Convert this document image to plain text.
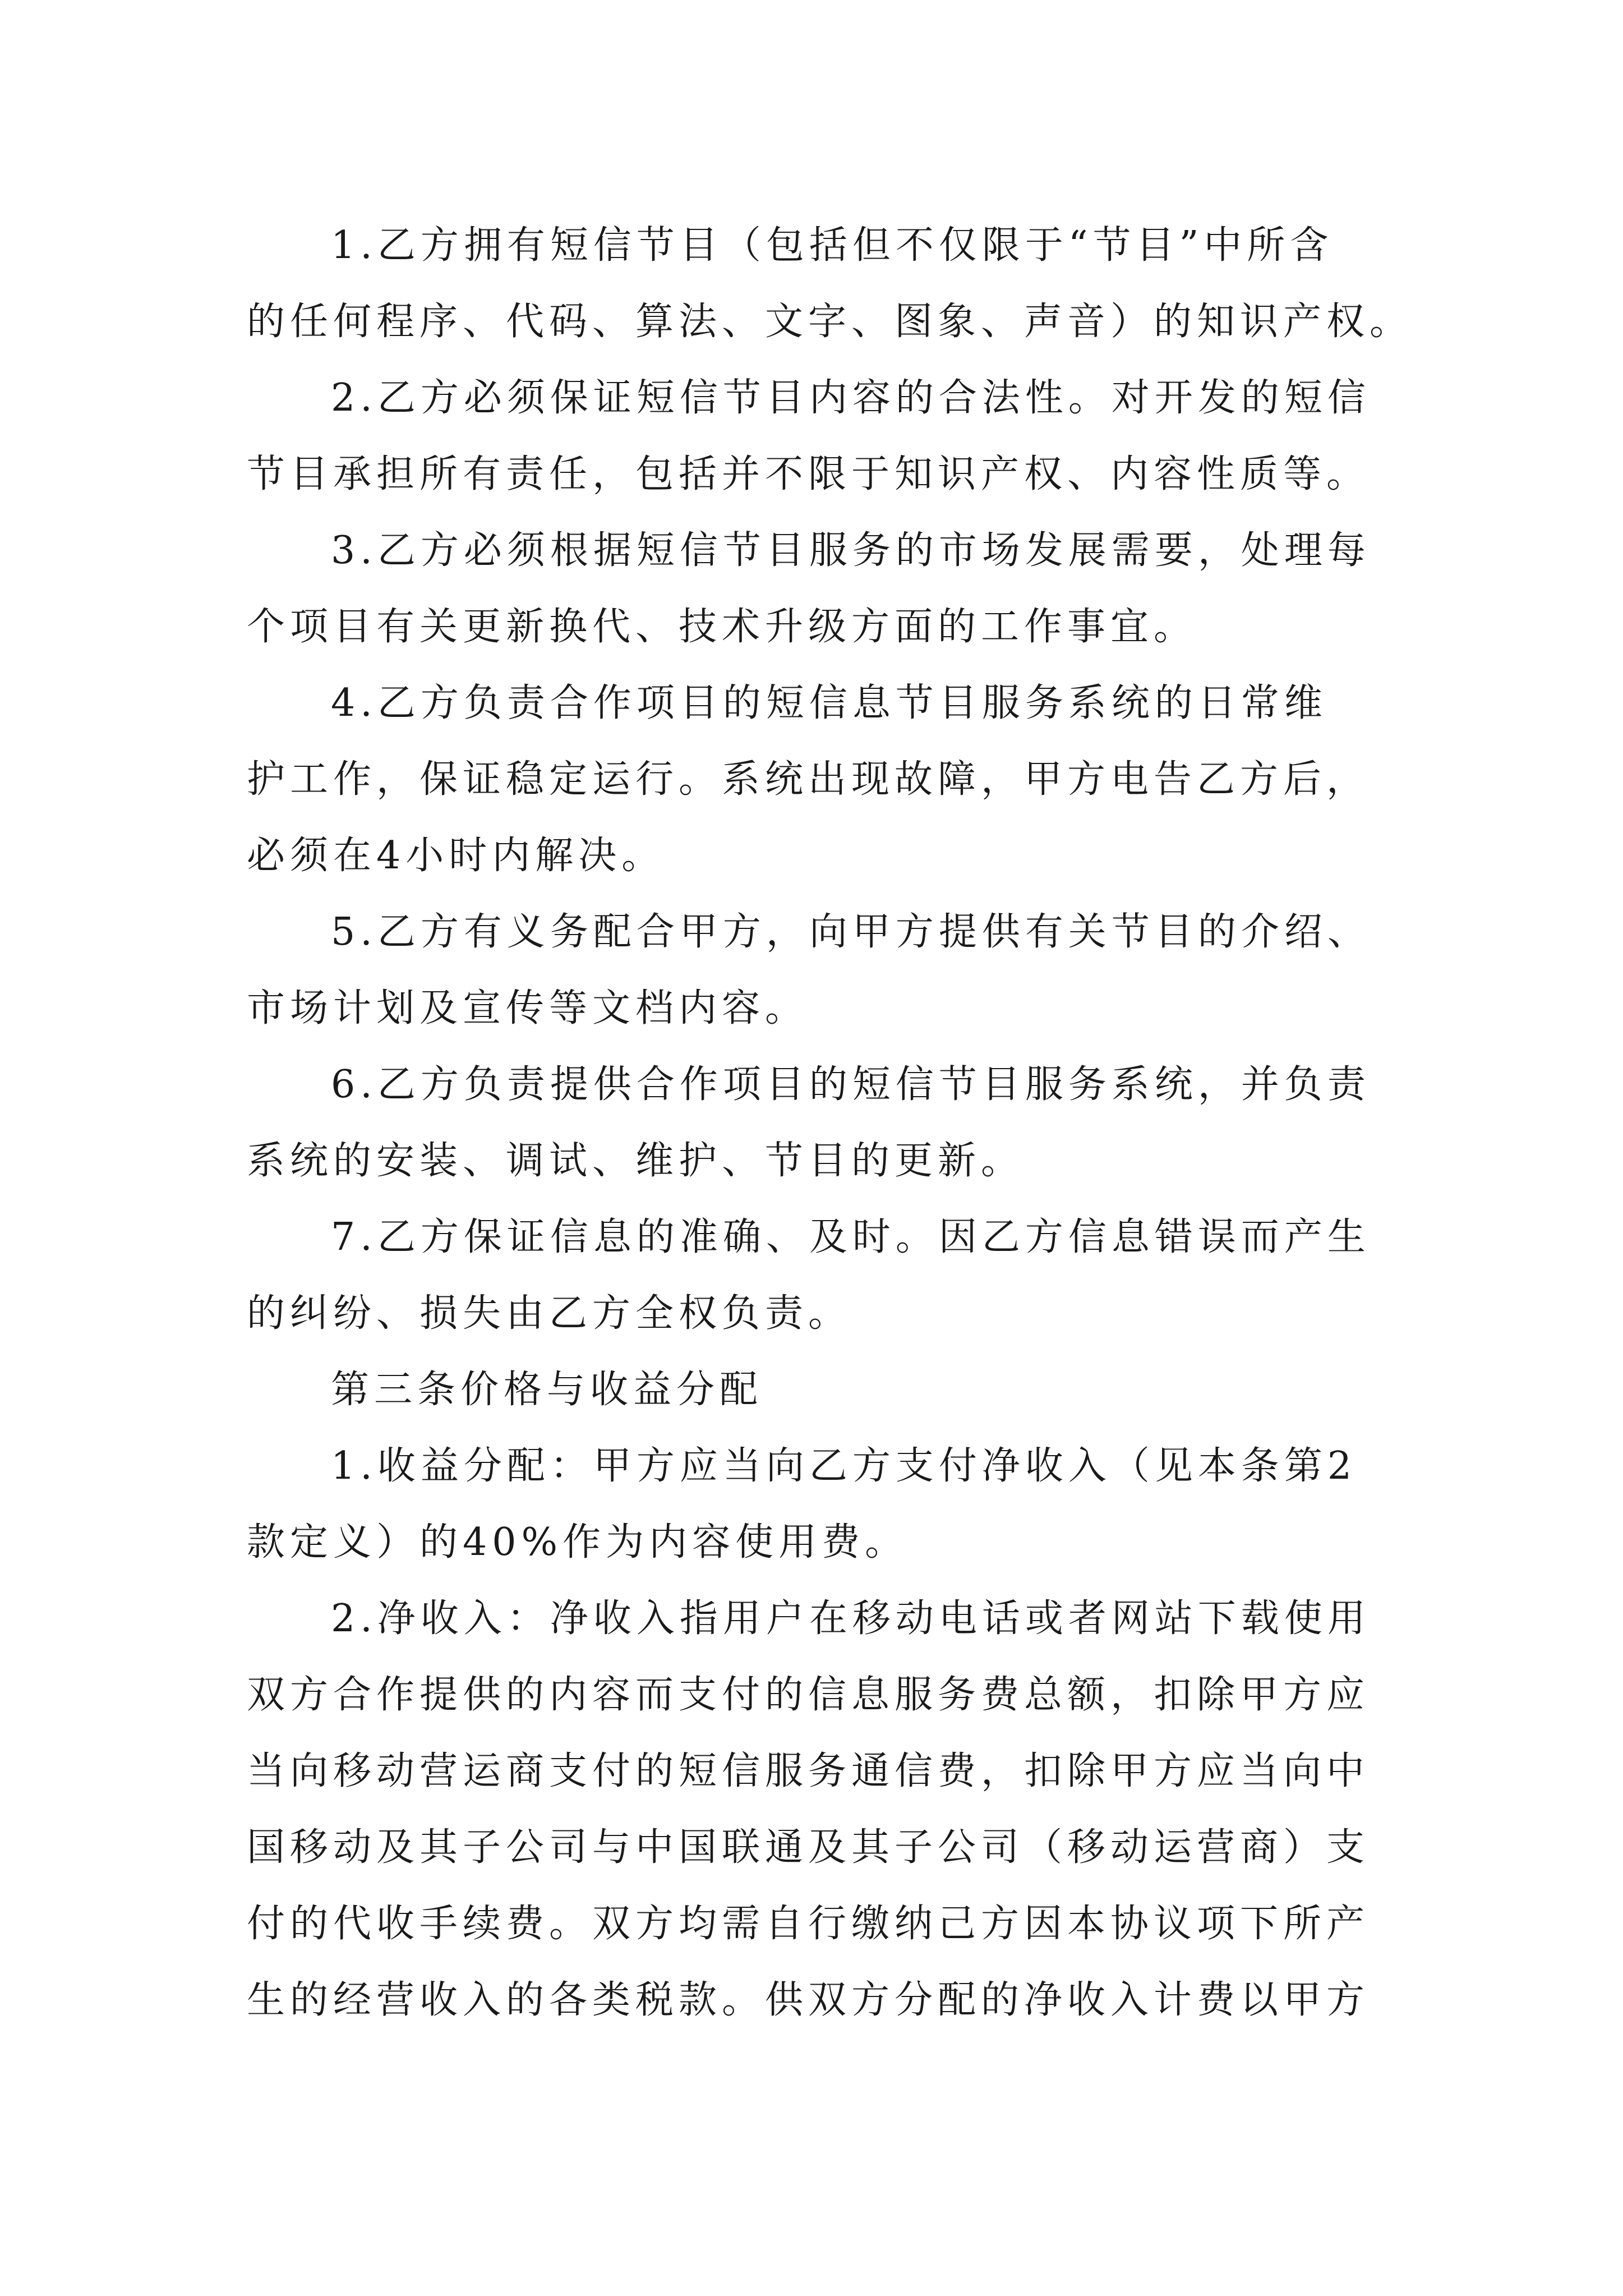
1.乙方拥有短信节目（包括但不仅限于“节目”中所含
的任何程序、代码、算法、文字、图象、声音）的知识产权。
2.乙方必须保证短信节目内容的合法性。对开发的短信
节目承担所有责任，包括并不限于知识产权、内容性质等。
3.乙方必须根据短信节目服务的市场发展需要，处理每
个项目有关更新换代、技术升级方面的工作事宜。
4.乙方负责合作项目的短信息节目服务系统的日常维
护工作，保证稳定运行。系统出现故障，甲方电告乙方后，
必须在4小时内解决。
5.乙方有义务配合甲方，向甲方提供有关节目的介绍、
市场计划及宣传等文档内容。
6.乙方负责提供合作项目的短信节目服务系统，并负责
系统的安装、调试、维护、节目的更新。
7.乙方保证信息的准确、及时。因乙方信息错误而产生
的纠纷、损失由乙方全权负责。
第三条价格与收益分配
1.收益分配：甲方应当向乙方支付净收入（见本条第2
款定义）的40%作为内容使用费。
2.净收入：净收入指用户在移动电话或者网站下载使用
双方合作提供的内容而支付的信息服务费总额，扣除甲方应
当向移动营运商支付的短信服务通信费，扣除甲方应当向中
国移动及其子公司与中国联通及其子公司（移动运营商）支
付的代收手续费。双方均需自行缴纳己方因本协议项下所产
生的经营收入的各类税款。供双方分配的净收入计费以甲方
